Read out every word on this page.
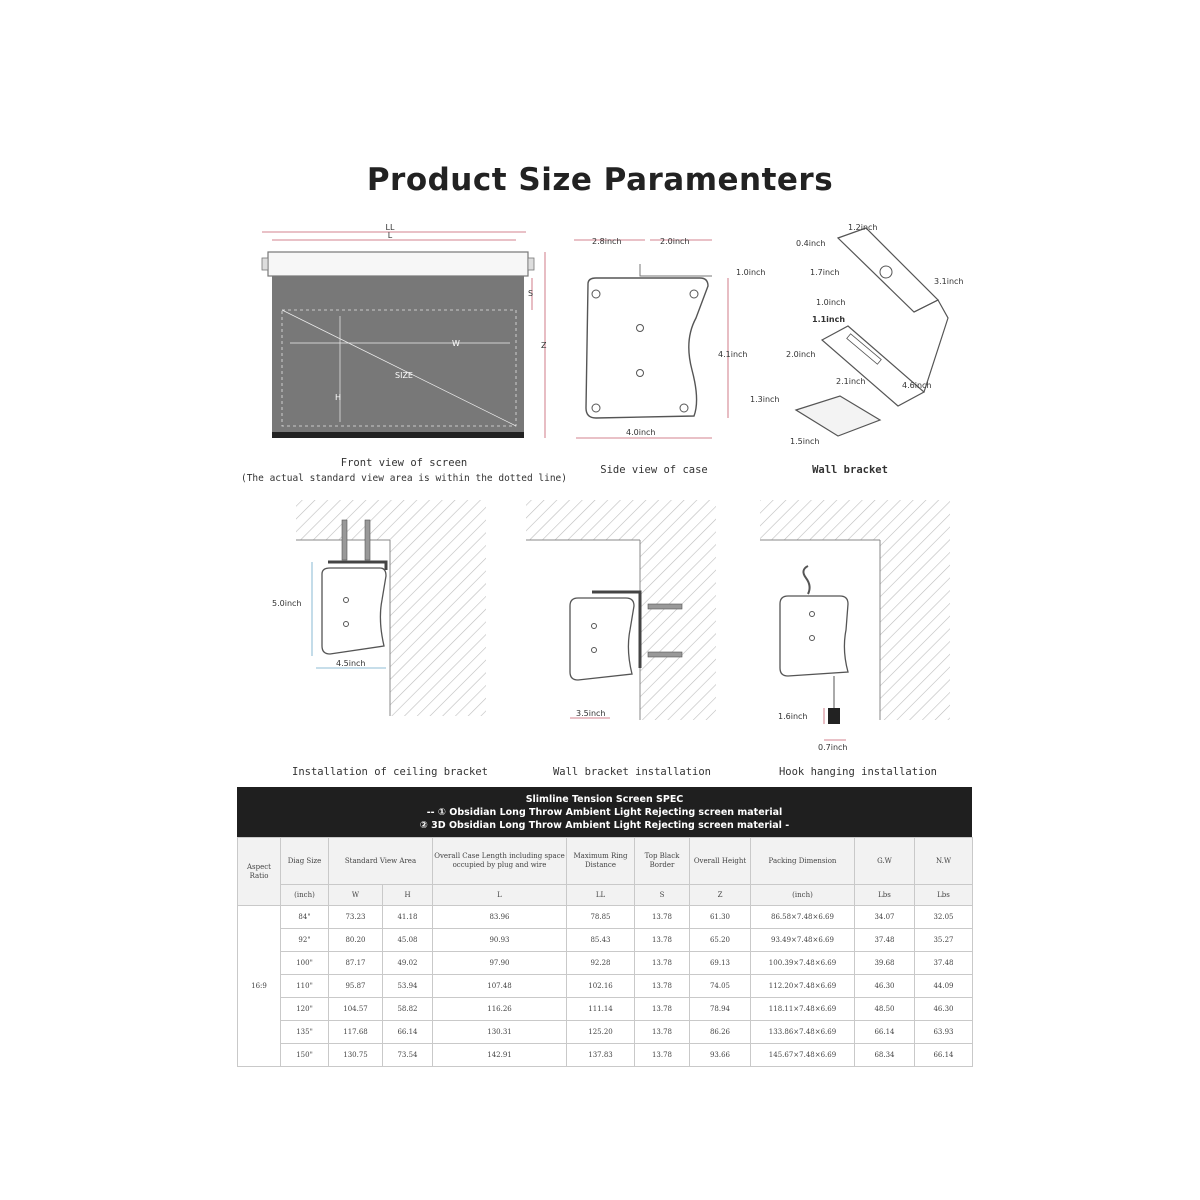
Product Size Paramenters
LL
L
W
H
SIZE
S
Z
Front view of screen
(The actual standard view area is within the dotted line)
2.8inch	2.0inch
1.0inch
4.1inch
4.0inch
Side view of case
1.2inch
0.4inch
1.7inch
3.1inch
1.0inch
1.1inch
2.0inch
2.1inch	4.6inch
1.3inch
1.5inch
Wall bracket
5.0inch
4.5inch
Installation of ceiling bracket
3.5inch
Wall bracket installation
1.6inch
0.7inch
Hook hanging installation
Slimline Tension Screen SPEC
-- ① Obsidian Long Throw Ambient Light Rejecting screen material
② 3D Obsidian Long Throw Ambient Light Rejecting screen material -
Aspect Ratio	Diag Size	Standard View Area		Overall Case Length including space occupied by plug and wire	Maximum Ring Distance	Top Black Border	Overall Height	Packing Dimension	G.W	N.W
	(inch)	W	H	L	LL	S	Z	(inch)	Lbs	Lbs
16:9	84"	73.23	41.18	83.96	78.85	13.78	61.30	86.58×7.48×6.69	34.07	32.05
	92"	80.20	45.08	90.93	85.43	13.78	65.20	93.49×7.48×6.69	37.48	35.27
	100"	87.17	49.02	97.90	92.28	13.78	69.13	100.39×7.48×6.69	39.68	37.48
	110"	95.87	53.94	107.48	102.16	13.78	74.05	112.20×7.48×6.69	46.30	44.09
	120"	104.57	58.82	116.26	111.14	13.78	78.94	118.11×7.48×6.69	48.50	46.30
	135"	117.68	66.14	130.31	125.20	13.78	86.26	133.86×7.48×6.69	66.14	63.93
	150"	130.75	73.54	142.91	137.83	13.78	93.66	145.67×7.48×6.69	68.34	66.14
